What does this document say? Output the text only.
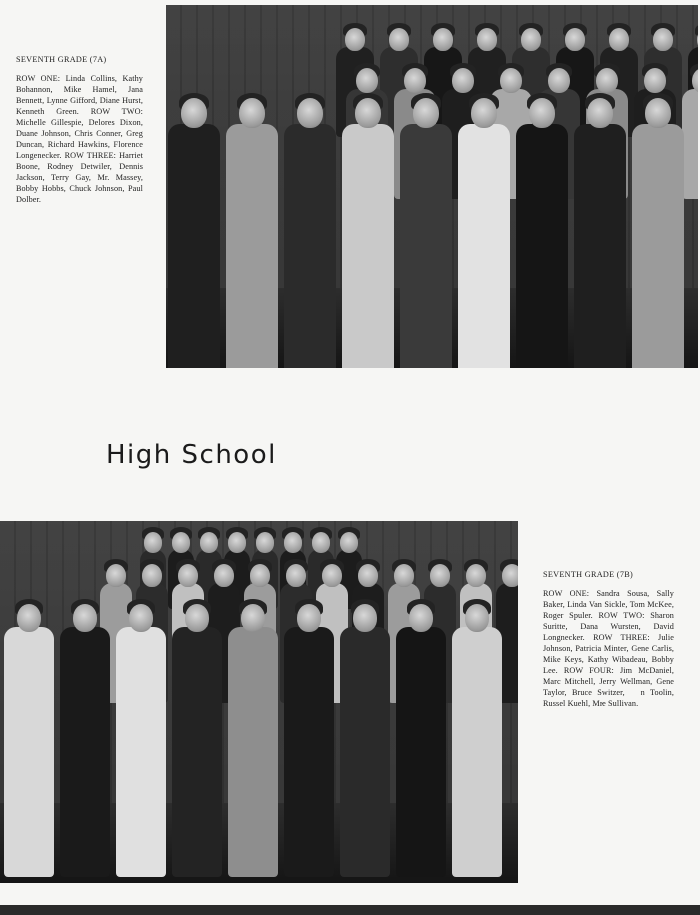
SEVENTH GRADE (7A)
ROW ONE: Linda Collins, Kathy Bohannon, Mike Hamel, Jana Bennett, Lynne Gifford, Diane Hurst, Kenneth Green. ROW TWO: Michelle Gillespie, Delores Dixon, Duane Johnson, Chris Conner, Greg Duncan, Richard Hawkins, Florence Longenecker. ROW THREE: Harriet Boone, Rodney Detwiler, Dennis Jackson, Terry Gay, Mr. Massey, Bobby Hobbs, Chuck Johnson, Paul Dolber.
High School
SEVENTH GRADE (7B)
ROW ONE: Sandra Sousa, Sally Baker, Linda Van Sickle, Tom McKee, Roger Spuler. ROW TWO: Sharon Suritte, Dana Wursten, David Longnecker. ROW THREE: Julie Johnson, Patricia Minter, Gene Carlis, Mike Keys, Kathy Wibadeau, Bobby Lee. ROW FOUR: Jim McDaniel, Marc Mitchell, Jerry Wellman, Gene Taylor, Bruce Switzer,   n Toolin, Russel Kuehl, Mı̴e Sullivan.
